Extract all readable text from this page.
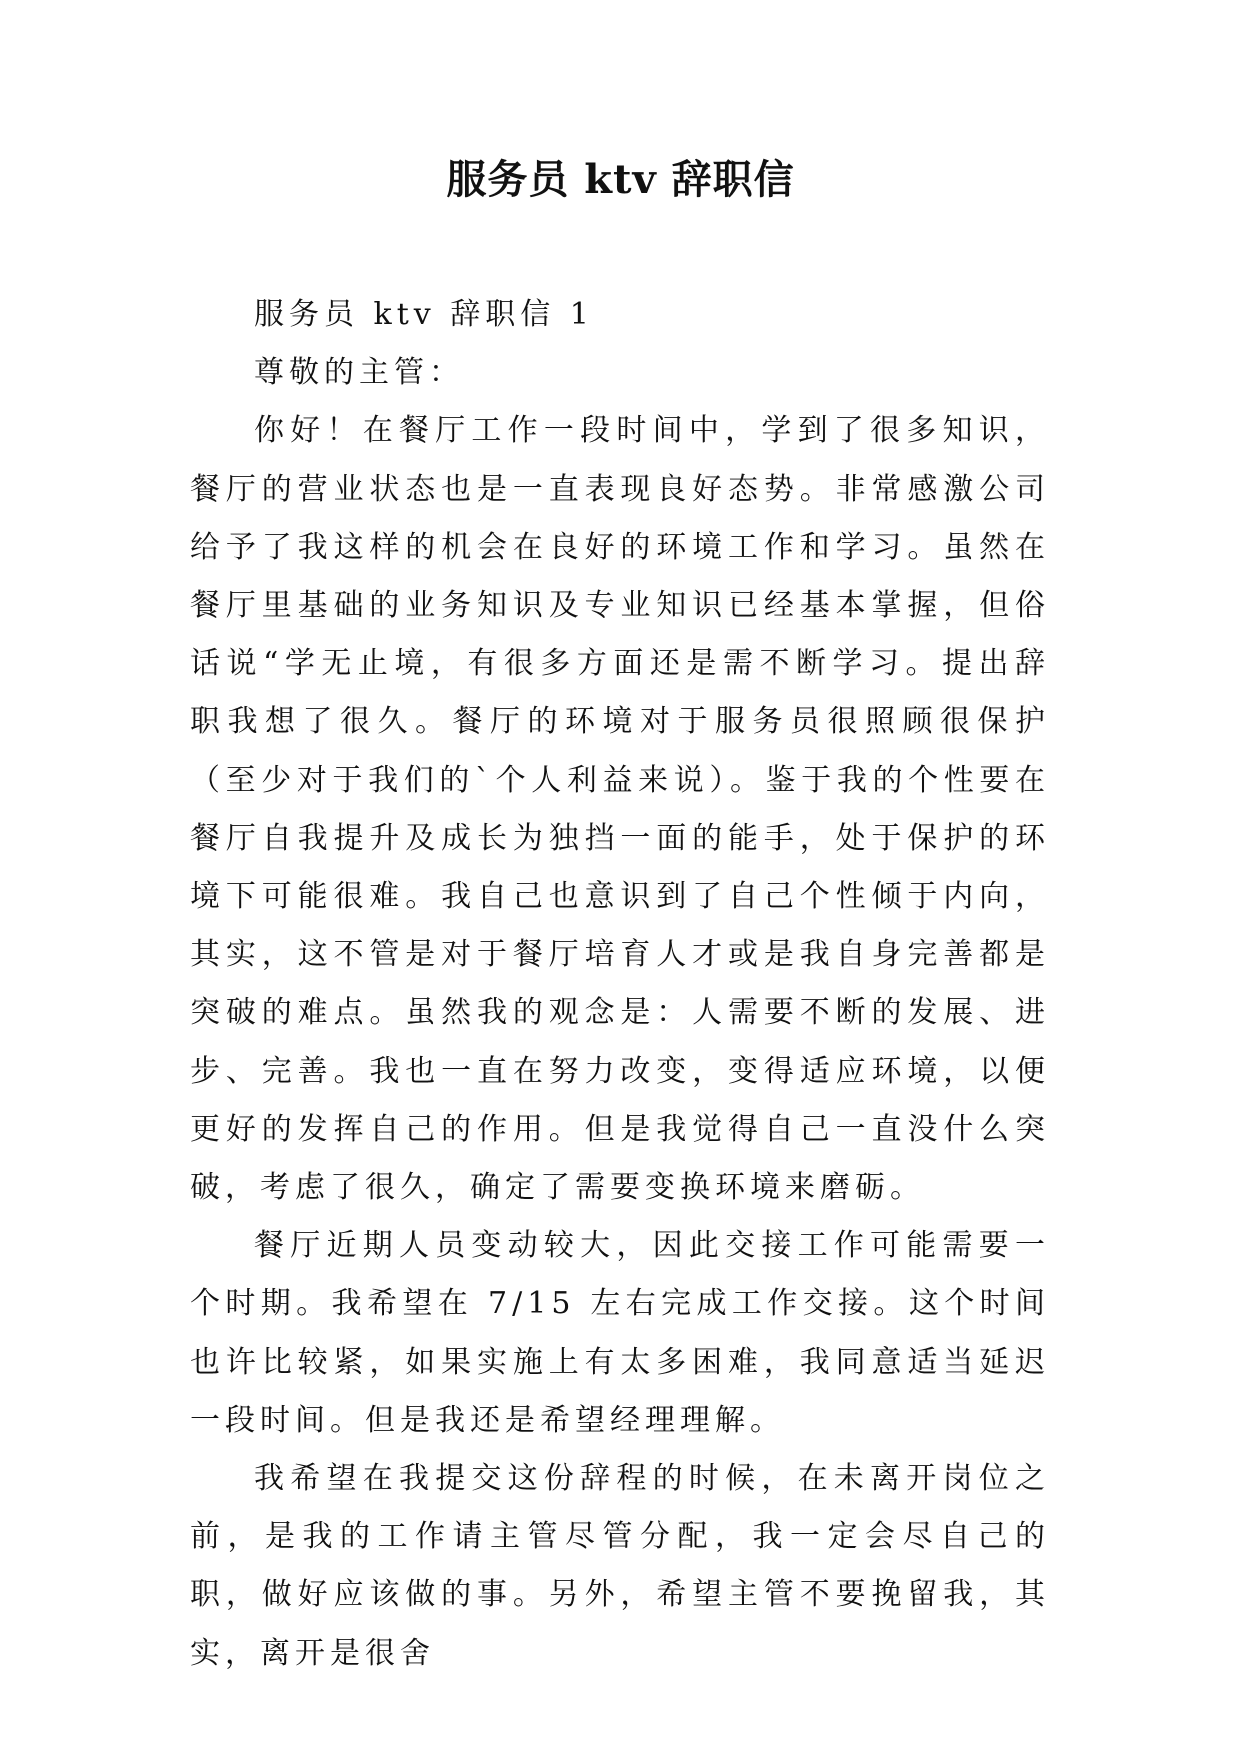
服务员 ktv 辞职信

服务员 ktv 辞职信 1

尊敬的主管：

你好！在餐厅工作一段时间中，学到了很多知识，餐厅的营业状态也是一直表现良好态势。非常感激公司给予了我这样的机会在良好的环境工作和学习。虽然在餐厅里基础的业务知识及专业知识已经基本掌握，但俗话说“学无止境，有很多方面还是需不断学习。提出辞职我想了很久。餐厅的环境对于服务员很照顾很保护（至少对于我们的`个人利益来说）。鉴于我的个性要在餐厅自我提升及成长为独挡一面的能手，处于保护的环境下可能很难。我自己也意识到了自己个性倾于内向，其实，这不管是对于餐厅培育人才或是我自身完善都是突破的难点。虽然我的观念是：人需要不断的发展、进步、完善。我也一直在努力改变，变得适应环境，以便更好的发挥自己的作用。但是我觉得自己一直没什么突破，考虑了很久，确定了需要变换环境来磨砺。

餐厅近期人员变动较大，因此交接工作可能需要一个时期。我希望在 7/15 左右完成工作交接。这个时间也许比较紧，如果实施上有太多困难，我同意适当延迟一段时间。但是我还是希望经理理解。

我希望在我提交这份辞程的时候，在未离开岗位之前，是我的工作请主管尽管分配，我一定会尽自己的职，做好应该做的事。另外，希望主管不要挽留我，其实，离开是很舍
